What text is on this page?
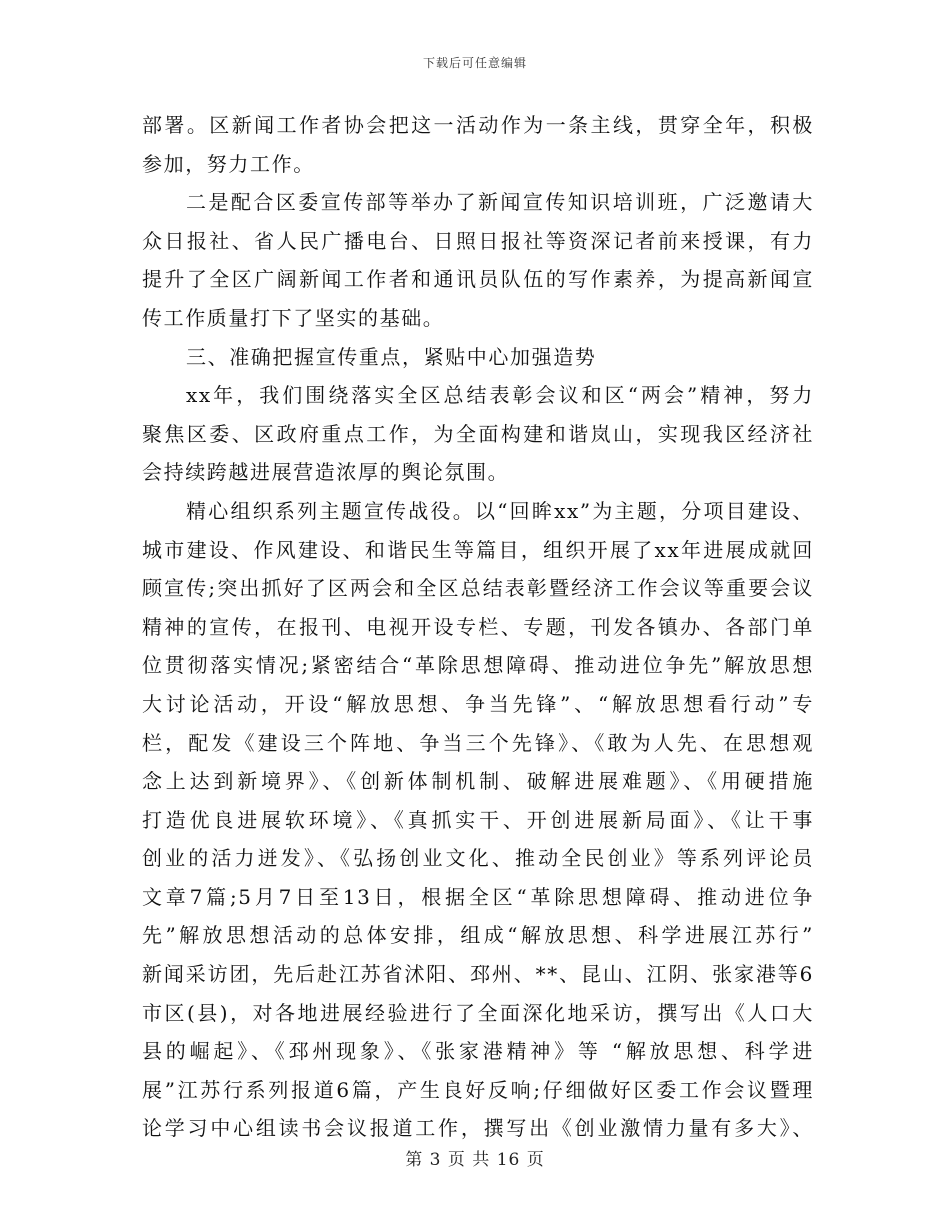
下载后可任意编辑
部署。区新闻工作者协会把这一活动作为一条主线，贯穿全年，积极
参加，努力工作。
二是配合区委宣传部等举办了新闻宣传知识培训班，广泛邀请大
众日报社、省人民广播电台、日照日报社等资深记者前来授课，有力
提升了全区广阔新闻工作者和通讯员队伍的写作素养，为提高新闻宣
传工作质量打下了坚实的基础。
三、准确把握宣传重点，紧贴中心加强造势
xx年，我们围绕落实全区总结表彰会议和区“两会”精神，努力
聚焦区委、区政府重点工作，为全面构建和谐岚山，实现我区经济社
会持续跨越进展营造浓厚的舆论氛围。
精心组织系列主题宣传战役。以“回眸xx”为主题，分项目建设、
城市建设、作风建设、和谐民生等篇目，组织开展了xx年进展成就回
顾宣传;突出抓好了区两会和全区总结表彰暨经济工作会议等重要会议
精神的宣传，在报刊、电视开设专栏、专题，刊发各镇办、各部门单
位贯彻落实情况;紧密结合“革除思想障碍、推动进位争先”解放思想
大讨论活动，开设“解放思想、争当先锋”、“解放思想看行动”专
栏，配发《建设三个阵地、争当三个先锋》、《敢为人先、在思想观
念上达到新境界》、《创新体制机制、破解进展难题》、《用硬措施
打造优良进展软环境》、《真抓实干、开创进展新局面》、《让干事
创业的活力迸发》、《弘扬创业文化、推动全民创业》等系列评论员
文章7篇;5月7日至13日，根据全区“革除思想障碍、推动进位争
先”解放思想活动的总体安排，组成“解放思想、科学进展江苏行”
新闻采访团，先后赴江苏省沭阳、邳州、**、昆山、江阴、张家港等6
市区(县)，对各地进展经验进行了全面深化地采访，撰写出《人口大
县的崛起》、《邳州现象》、《张家港精神》等 “解放思想、科学进
展”江苏行系列报道6篇，产生良好反响;仔细做好区委工作会议暨理
论学习中心组读书会议报道工作，撰写出《创业激情力量有多大》、
第 3 页 共 16 页
